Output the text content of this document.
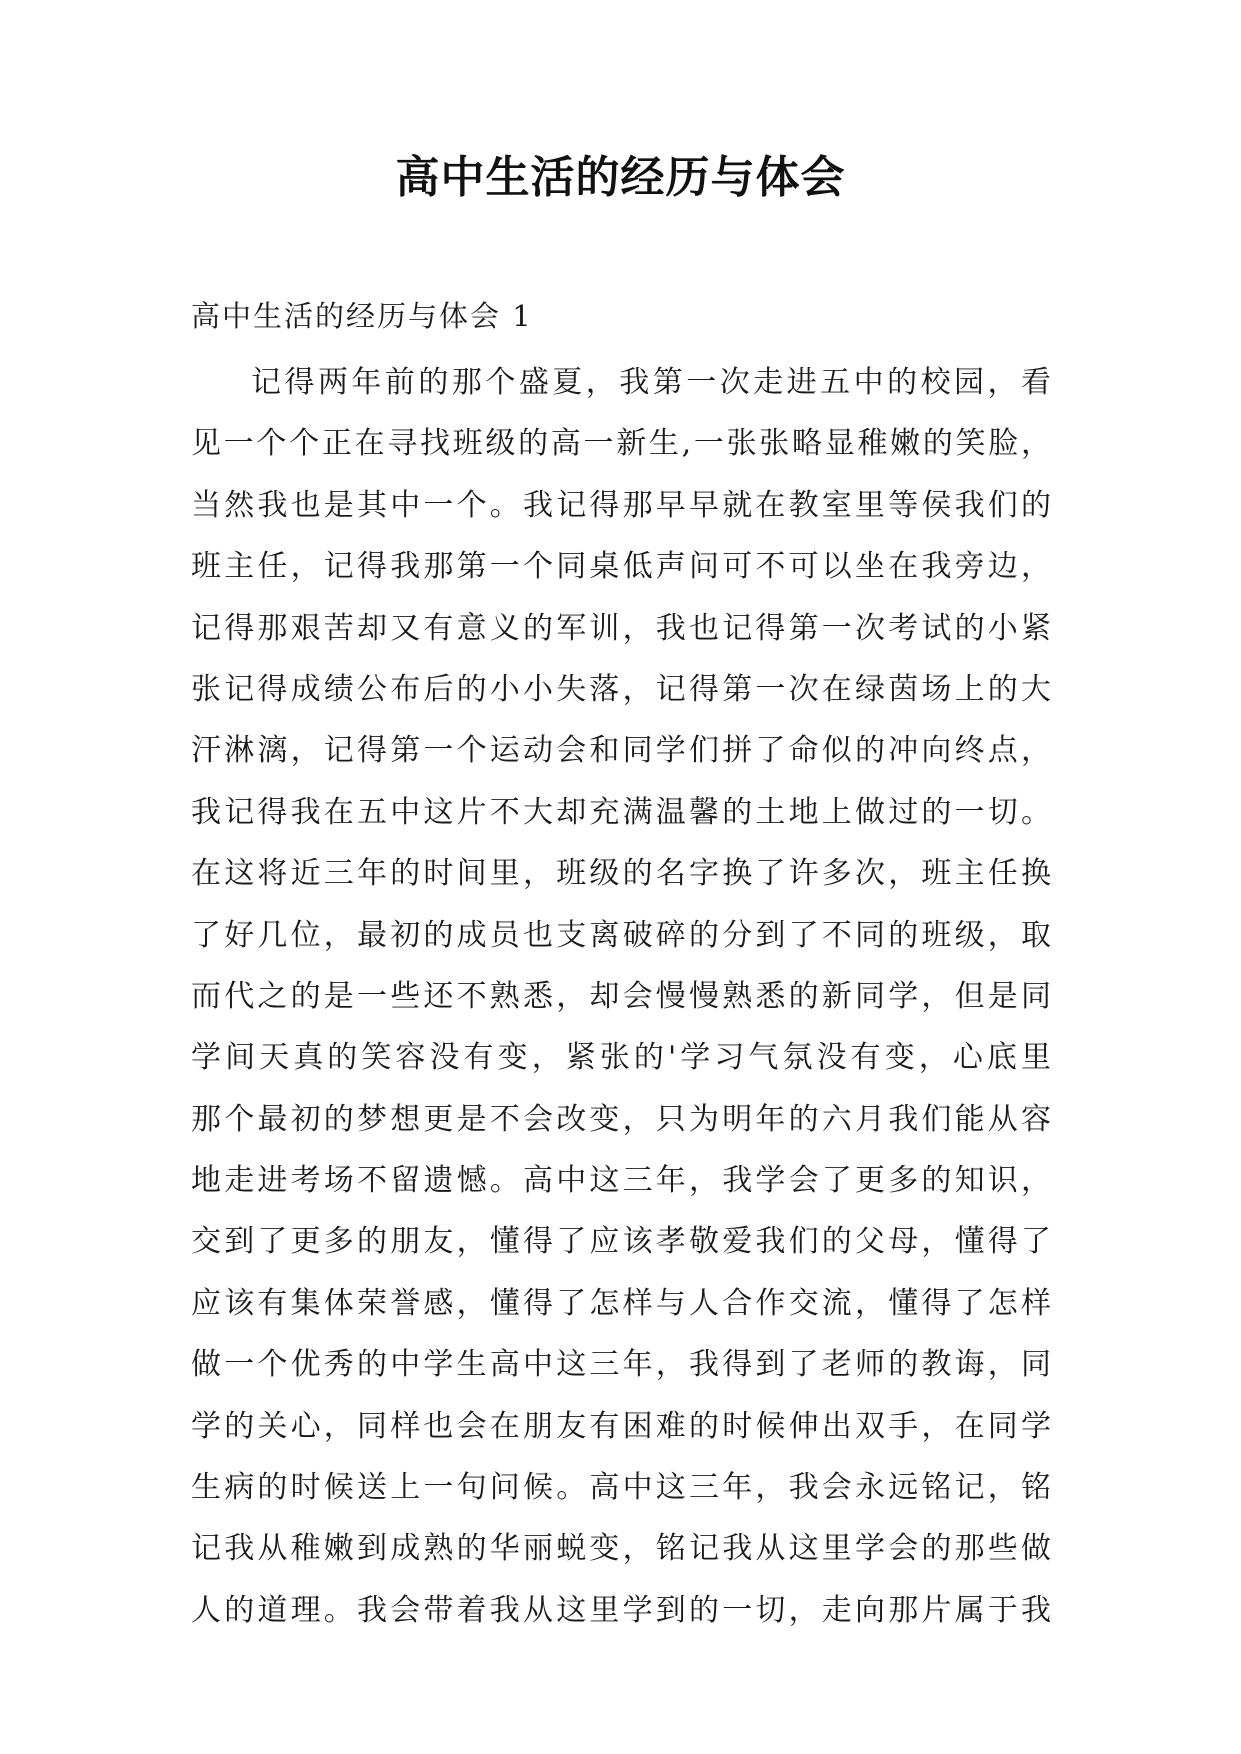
高中生活的经历与体会
高中生活的经历与体会 1
记得两年前的那个盛夏，我第一次走进五中的校园，看
见一个个正在寻找班级的高一新生,一张张略显稚嫩的笑脸，
当然我也是其中一个。我记得那早早就在教室里等侯我们的
班主任，记得我那第一个同桌低声问可不可以坐在我旁边，
记得那艰苦却又有意义的军训，我也记得第一次考试的小紧
张记得成绩公布后的小小失落，记得第一次在绿茵场上的大
汗淋漓，记得第一个运动会和同学们拼了命似的冲向终点，
我记得我在五中这片不大却充满温馨的土地上做过的一切。
在这将近三年的时间里，班级的名字换了许多次，班主任换
了好几位，最初的成员也支离破碎的分到了不同的班级，取
而代之的是一些还不熟悉，却会慢慢熟悉的新同学，但是同
学间天真的笑容没有变，紧张的'学习气氛没有变，心底里
那个最初的梦想更是不会改变，只为明年的六月我们能从容
地走进考场不留遗憾。高中这三年，我学会了更多的知识，
交到了更多的朋友，懂得了应该孝敬爱我们的父母，懂得了
应该有集体荣誉感，懂得了怎样与人合作交流，懂得了怎样
做一个优秀的中学生高中这三年，我得到了老师的教诲，同
学的关心，同样也会在朋友有困难的时候伸出双手，在同学
生病的时候送上一句问候。高中这三年，我会永远铭记，铭
记我从稚嫩到成熟的华丽蜕变，铭记我从这里学会的那些做
人的道理。我会带着我从这里学到的一切，走向那片属于我
